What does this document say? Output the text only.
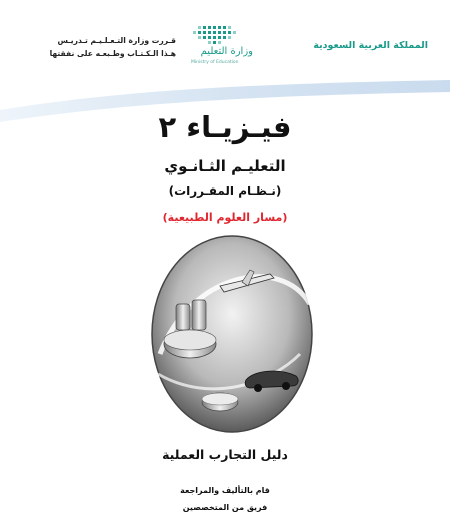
المملكة العربية السعودية
وزارة التعليم
Ministry of Education
قـررت وزارة التـعـلـيـم تـدريـس
هـذا الـكـتـاب وطـبعـه على نفقتها
فيـزيـاء ٢
التعليـم الثـانـوي
(نـظـام المقـررات)
(مسار العلوم الطبيعية)
دليل التجارب العملية
قام بالتأليف والمراجعة
فريق من المتخصصين
